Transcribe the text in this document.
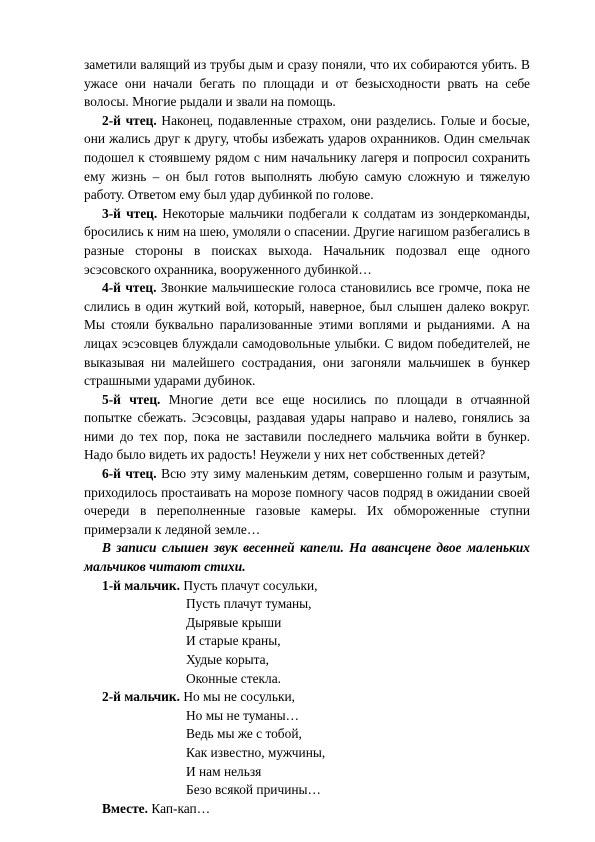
заметили валящий из трубы дым и сразу поняли, что их собираются убить. В ужасе они начали бегать по площади и от безысходности рвать на себе волосы. Многие рыдали и звали на помощь.

2-й чтец. Наконец, подавленные страхом, они разделись. Голые и босые, они жались друг к другу, чтобы избежать ударов охранников. Один смельчак подошел к стоявшему рядом с ним начальнику лагеря и попросил сохранить ему жизнь – он был готов выполнять любую самую сложную и тяжелую работу. Ответом ему был удар дубинкой по голове.

3-й чтец. Некоторые мальчики подбегали к солдатам из зондеркоманды, бросились к ним на шею, умоляли о спасении. Другие нагишом разбегались в разные стороны в поисках выхода. Начальник подозвал еще одного эсэсовского охранника, вооруженного дубинкой…

4-й чтец. Звонкие мальчишеские голоса становились все громче, пока не слились в один жуткий вой, который, наверное, был слышен далеко вокруг. Мы стояли буквально парализованные этими воплями и рыданиями. А на лицах эсэсовцев блуждали самодовольные улыбки. С видом победителей, не выказывая ни малейшего сострадания, они загоняли мальчишек в бункер страшными ударами дубинок.

5-й чтец. Многие дети все еще носились по площади в отчаянной попытке сбежать. Эсэсовцы, раздавая удары направо и налево, гонялись за ними до тех пор, пока не заставили последнего мальчика войти в бункер. Надо было видеть их радость! Неужели у них нет собственных детей?

6-й чтец. Всю эту зиму маленьким детям, совершенно голым и разутым, приходилось простаивать на морозе помногу часов подряд в ожидании своей очереди в переполненные газовые камеры. Их обмороженные ступни примерзали к ледяной земле…

В записи слышен звук весенней капели. На авансцене двое маленьких мальчиков читают стихи.

1-й мальчик. Пусть плачут сосульки,

Пусть плачут туманы,

Дырявые крыши

И старые краны,

Худые корыта,

Оконные стекла.

2-й мальчик. Но мы не сосульки,

Но мы не туманы…

Ведь мы же с тобой,

Как известно, мужчины,

И нам нельзя

Безо всякой причины…

Вместе. Кап-кап…
